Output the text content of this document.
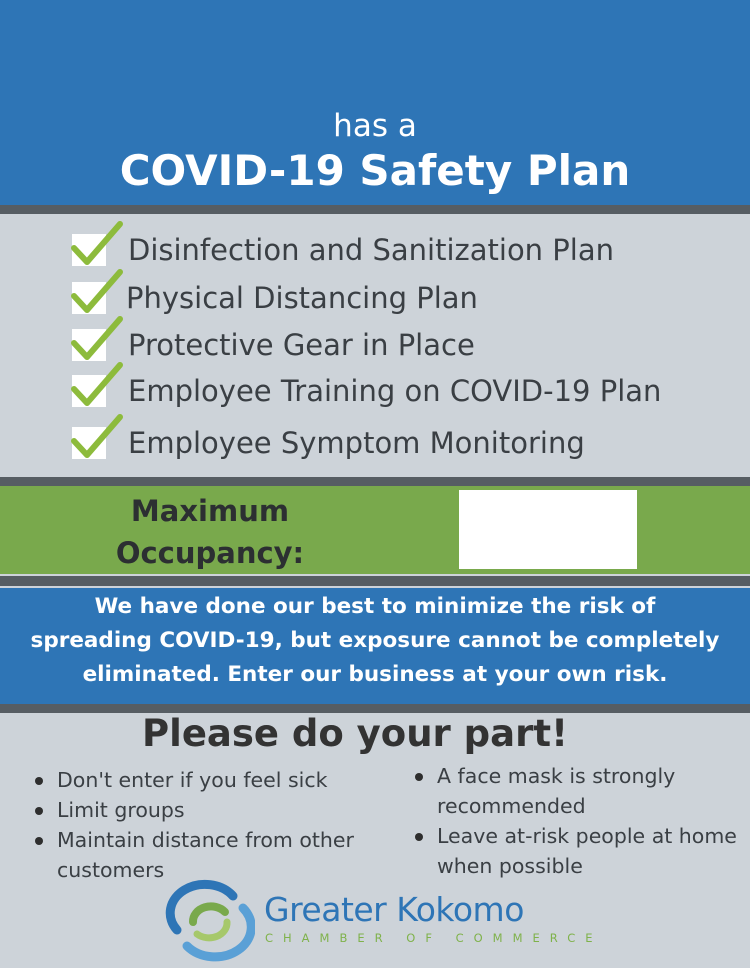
has a
COVID-19 Safety Plan
Disinfection and Sanitization Plan
Physical Distancing Plan
Protective Gear in Place
Employee Training on COVID-19 Plan
Employee Symptom Monitoring
Maximum
Occupancy:
We have done our best to minimize the risk of
spreading COVID-19, but exposure cannot be completely
eliminated. Enter our business at your own risk.
Please do your part!
Don't enter if you feel sick
Limit groups
Maintain distance from other customers
A face mask is strongly recommended
Leave at-risk people at home when possible
Greater Kokomo
CHAMBER OF COMMERCE
